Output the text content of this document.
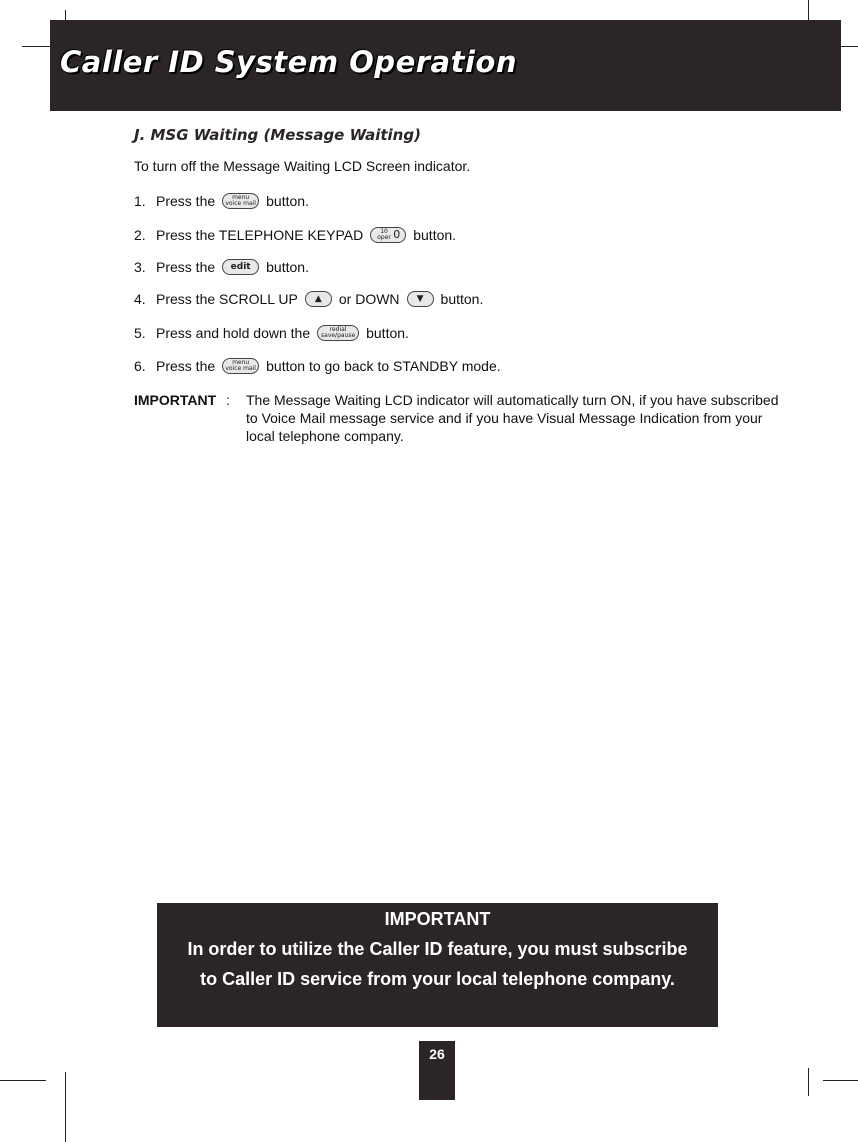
Caller ID System Operation
J. MSG Waiting (Message Waiting)
To turn off the Message Waiting LCD Screen indicator.
1. Press the	menu
voice mail button.
2. Press the TELEPHONE KEYPAD	10
oper 0 button.
3. Press the	edit	button.
4. Press the SCROLL UP	▲	or DOWN	▼	button.
5. Press and hold down the	redial
save/pause button.
6. Press the	menu
voice mail button to go back to STANDBY mode.
IMPORTANT : The Message Waiting LCD indicator will automatically turn ON, if you have subscribed to Voice Mail message service and if you have Visual Message Indication from your local telephone company.
IMPORTANT
In order to utilize the Caller ID feature, you must subscribe to Caller ID service from your local telephone company.
26
